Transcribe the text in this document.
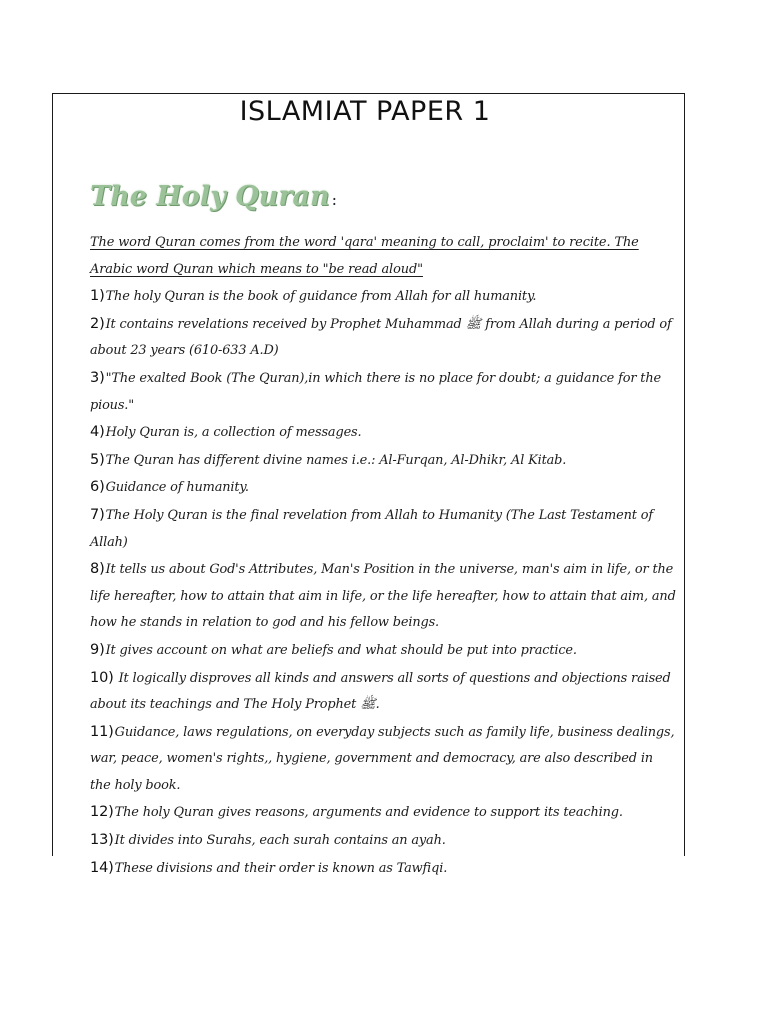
ISLAMIAT PAPER 1
The Holy Quran :
The word Quran comes from the word 'qara' meaning to call, proclaim' to recite. The Arabic word Quran which means to "be read aloud"
1)The holy Quran is the book of guidance from Allah for all humanity.
2)It contains revelations received by Prophet Muhammad ﷺ from Allah during a period of about 23 years (610-633 A.D)
3)"The exalted Book (The Quran),in which there is no place for doubt; a guidance for the pious."
4)Holy Quran is, a collection of messages.
5)The Quran has different divine names i.e.: Al-Furqan, Al-Dhikr, Al Kitab.
6)Guidance of humanity.
7)The Holy Quran is the final revelation from Allah to Humanity (The Last Testament of Allah)
8)It tells us about God's Attributes, Man's Position in the universe, man's aim in life, or the life hereafter, how to attain that aim in life, or the life hereafter, how to attain that aim, and how he stands in relation to god and his fellow beings.
9)It gives account on what are beliefs and what should be put into practice.
10) It logically disproves all kinds and answers all sorts of questions and objections raised about its teachings and The Holy Prophet ﷺ.
11)Guidance, laws regulations, on everyday subjects such as family life, business dealings, war, peace, women's rights,, hygiene, government and democracy, are also described in the holy book.
12)The holy Quran gives reasons, arguments and evidence to support its teaching.
13)It divides into Surahs, each surah contains an ayah.
14)These divisions and their order is known as Tawfiqi.
